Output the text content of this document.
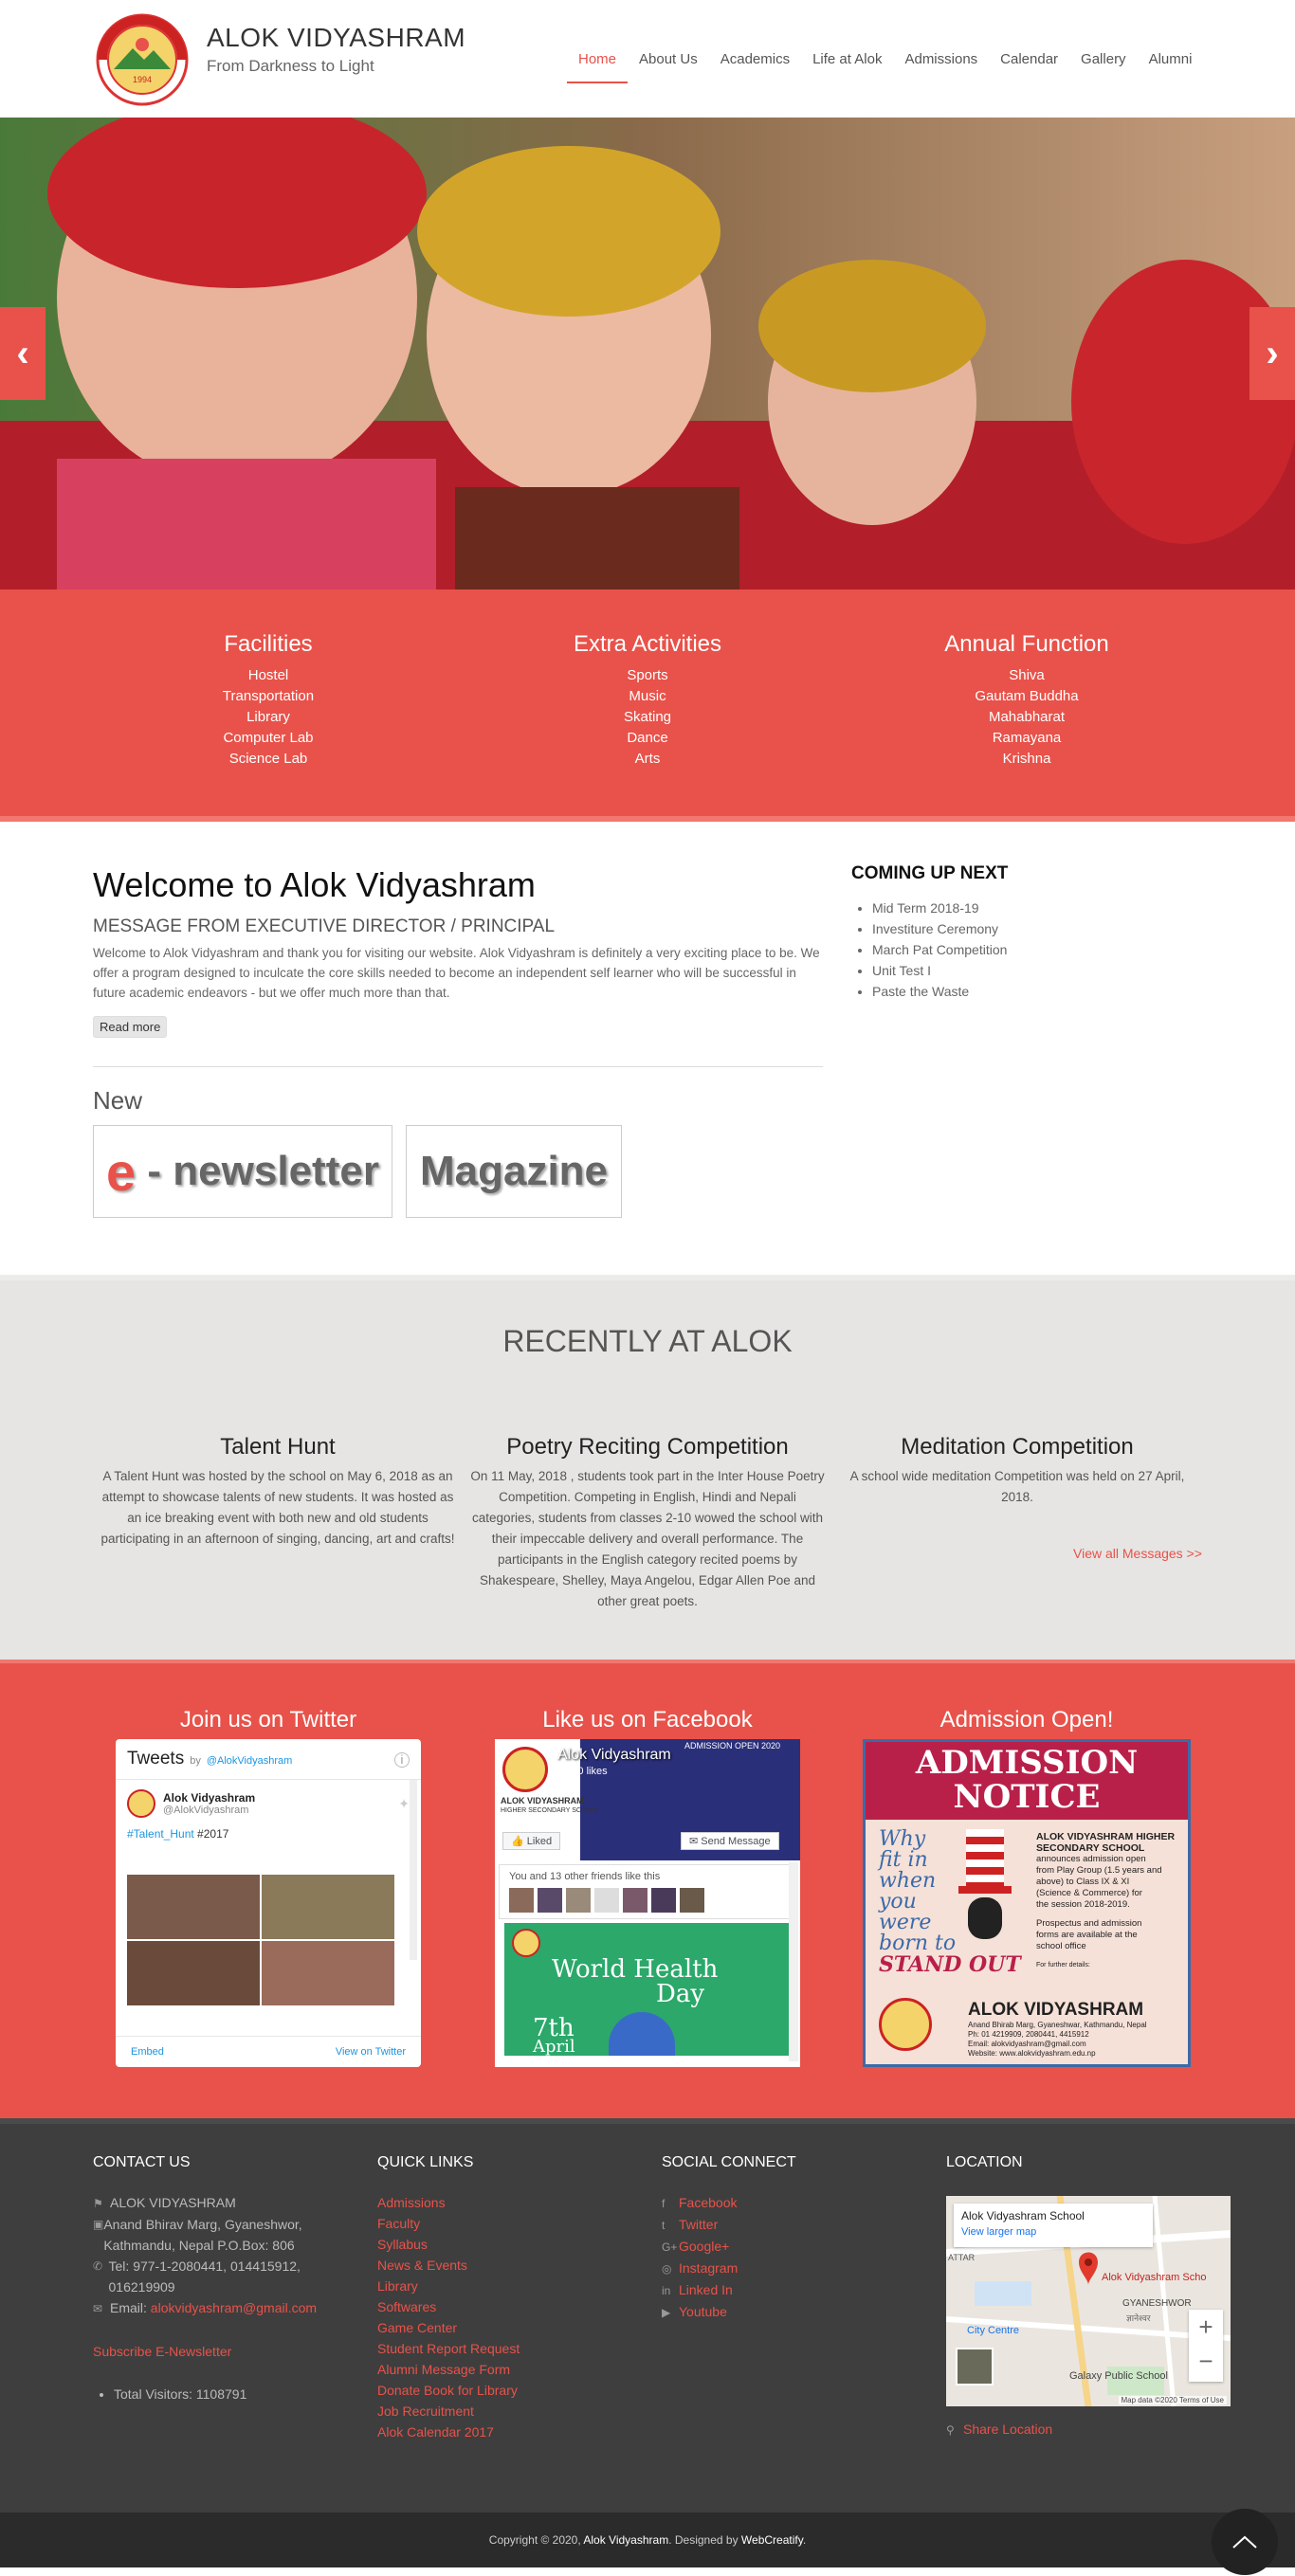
1994
ALOK VIDYASHRAM
From Darkness to Light	Home	About Us	Academics	Life at Alok	Admissions	Calendar	Gallery	Alumni
‹	›
Facilities
Hostel
Transportation
Library
Computer Lab
Science Lab
Extra Activities
Sports
Music
Skating
Dance
Arts
Annual Function
Shiva
Gautam Buddha
Mahabharat
Ramayana
Krishna
Welcome to Alok Vidyashram
MESSAGE FROM EXECUTIVE DIRECTOR / PRINCIPAL

Welcome to Alok Vidyashram and thank you for visiting our website. Alok Vidyashram is definitely a very exciting place to be. We offer a program designed to inculcate the core skills needed to become an independent self learner who will be successful in future academic endeavors - but we offer much more than that.

Read more
New
e - newsletter Magazine
COMING UP NEXT
• Mid Term 2018-19
• Investiture Ceremony
• March Pat Competition
• Unit Test I
• Paste the Waste
RECENTLY AT ALOK
Talent Hunt

A Talent Hunt was hosted by the school on May 6, 2018 as an attempt to showcase talents of new students. It was hosted as an ice breaking event with both new and old students participating in an afternoon of singing, dancing, art and crafts!

Poetry Reciting Competition

On 11 May, 2018 , students took part in the Inter House Poetry Competition. Competing in English, Hindi and Nepali categories, students from classes 2-10 wowed the school with their impeccable delivery and overall performance. The participants in the English category recited poems by Shakespeare, Shelley, Maya Angelou, Edgar Allen Poe and other great poets.

Meditation Competition

A school wide meditation Competition was held on 27 April, 2018.

View all Messages >>
Join us on Twitter	Like us on Facebook	Admission Open!
Tweets by @AlokVidyashram	i
Alok Vidyashram
@AlokVidyashram	✦
#Talent_Hunt #2017
Embed	View on Twitter
Alok Vidyashram
2,040 likes
ALOK VIDYASHRAM
HIGHER SECONDARY SCHOOL
ADMISSION OPEN 2020
👍 Liked	✉ Send Message
You and 13 other friends like this
World Health
Day
7th
April
ADMISSION
NOTICE
Why
fit in
when
you
were
born to
STAND OUT
ALOK VIDYASHRAM HIGHER SECONDARY SCHOOL
announces admission open
from Play Group (1.5 years and
above) to Class IX & XI
(Science & Commerce) for
the session 2018-2019.
Prospectus and admission
forms are available at the
school office
For further details:
ALOK VIDYASHRAM
Anand Bhirab Marg, Gyaneshwar, Kathmandu, Nepal
Ph: 01 4219909, 2080441, 4415912
Email: alokvidyashram@gmail.com
Website: www.alokvidyashram.edu.np
CONTACT US
⚑ ALOK VIDYASHRAM
▣ Anand Bhirav Marg, Gyaneshwor, Kathmandu, Nepal P.O.Box: 806
✆ Tel: 977-1-2080441, 014415912, 016219909
✉ Email: alokvidyashram@gmail.com
Subscribe E-Newsletter
• Total Visitors: 1108791
QUICK LINKS
Admissions
Faculty
Syllabus
News & Events
Library
Softwares
Game Center
Student Report Request
Alumni Message Form
Donate Book for Library
Job Recruitment
Alok Calendar 2017
SOCIAL CONNECT
f Facebook
t Twitter
G+ Google+
◎ Instagram
in Linked In
▶ Youtube
LOCATION
Alok Vidyashram School
View larger map
Alok Vidyashram Scho
ATTAR
GYANESHWOR
ज्ञानेश्वर
City Centre
Galaxy Public School
+
−
Map data ©2020 Terms of Use
⚲ Share Location
Copyright © 2020, Alok Vidyashram. Designed by WebCreatify.
